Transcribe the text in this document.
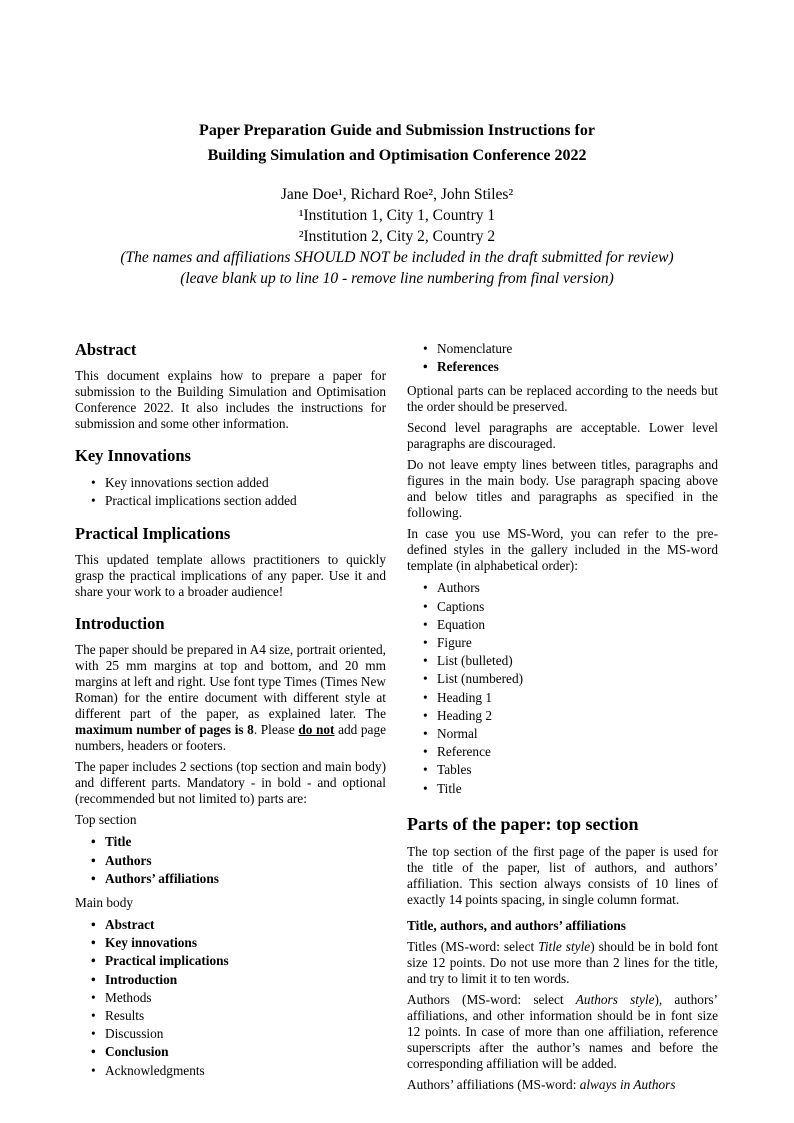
Paper Preparation Guide and Submission Instructions for
Building Simulation and Optimisation Conference 2022
Jane Doe¹, Richard Roe², John Stiles²
¹Institution 1, City 1, Country 1
²Institution 2, City 2, Country 2
(The names and affiliations SHOULD NOT be included in the draft submitted for review)
(leave blank up to line 10 - remove line numbering from final version)
Abstract

This document explains how to prepare a paper for submission to the Building Simulation and Optimisation Conference 2022. It also includes the instructions for submission and some other information.

Key Innovations
• Key innovations section added
• Practical implications section added
Practical Implications

This updated template allows practitioners to quickly grasp the practical implications of any paper. Use it and share your work to a broader audience!

Introduction

The paper should be prepared in A4 size, portrait oriented, with 25 mm margins at top and bottom, and 20 mm margins at left and right. Use font type Times (Times New Roman) for the entire document with different style at different part of the paper, as explained later. The maximum number of pages is 8. Please do not add page numbers, headers or footers.

The paper includes 2 sections (top section and main body) and different parts. Mandatory - in bold - and optional (recommended but not limited to) parts are:

Top section

• Title
• Authors
• Authors’ affiliations

Main body

• Abstract
• Key innovations
• Practical implications
• Introduction
• Methods
• Results
• Discussion
• Conclusion
• Acknowledgments
• Nomenclature
• References

Optional parts can be replaced according to the needs but the order should be preserved.

Second level paragraphs are acceptable. Lower level paragraphs are discouraged.

Do not leave empty lines between titles, paragraphs and figures in the main body. Use paragraph spacing above and below titles and paragraphs as specified in the following.

In case you use MS-Word, you can refer to the pre-defined styles in the gallery included in the MS-word template (in alphabetical order):

• Authors
• Captions
• Equation
• Figure
• List (bulleted)
• List (numbered)
• Heading 1
• Heading 2
• Normal
• Reference
• Tables
• Title
Parts of the paper: top section

The top section of the first page of the paper is used for the title of the paper, list of authors, and authors’ affiliation. This section always consists of 10 lines of exactly 14 points spacing, in single column format.

Title, authors, and authors’ affiliations

Titles (MS-word: select Title style) should be in bold font size 12 points. Do not use more than 2 lines for the title, and try to limit it to ten words.

Authors (MS-word: select Authors style), authors’ affiliations, and other information should be in font size 12 points. In case of more than one affiliation, reference superscripts after the author’s names and before the corresponding affiliation will be added.

Authors’ affiliations (MS-word: always in Authors
